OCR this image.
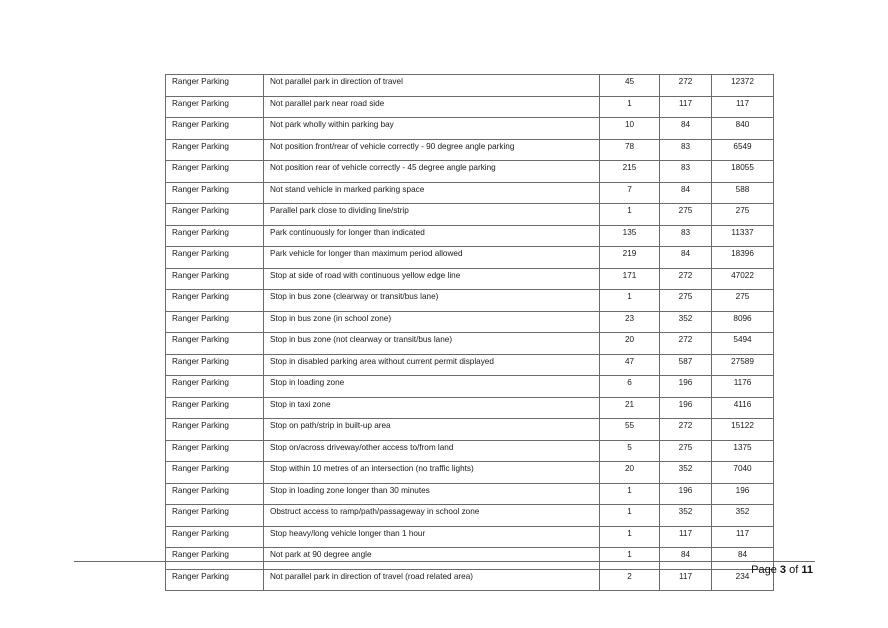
Ranger Parking	Not parallel park in direction of travel	45	272	12372
Ranger Parking	Not parallel park near road side	1	117	117
Ranger Parking	Not park wholly within parking bay	10	84	840
Ranger Parking	Not position front/rear of vehicle correctly - 90 degree angle parking	78	83	6549
Ranger Parking	Not position rear of vehicle correctly - 45 degree angle parking	215	83	18055
Ranger Parking	Not stand vehicle in marked parking space	7	84	588
Ranger Parking	Parallel park close to dividing line/strip	1	275	275
Ranger Parking	Park continuously for longer than indicated	135	83	11337
Ranger Parking	Park vehicle for longer than maximum period allowed	219	84	18396
Ranger Parking	Stop at side of road with continuous yellow edge line	171	272	47022
Ranger Parking	Stop in bus zone (clearway or transit/bus lane)	1	275	275
Ranger Parking	Stop in bus zone (in school zone)	23	352	8096
Ranger Parking	Stop in bus zone (not clearway or transit/bus lane)	20	272	5494
Ranger Parking	Stop in disabled parking area without current permit displayed	47	587	27589
Ranger Parking	Stop in loading zone	6	196	1176
Ranger Parking	Stop in taxi zone	21	196	4116
Ranger Parking	Stop on path/strip in built-up area	55	272	15122
Ranger Parking	Stop on/across driveway/other access to/from land	5	275	1375
Ranger Parking	Stop within 10 metres of an intersection (no traffic lights)	20	352	7040
Ranger Parking	Stop in loading zone longer than 30 minutes	1	196	196
Ranger Parking	Obstruct access to ramp/path/passageway in school zone	1	352	352
Ranger Parking	Stop heavy/long vehicle longer than 1 hour	1	117	117
Ranger Parking	Not park at 90 degree angle	1	84	84
Ranger Parking	Not parallel park in direction of travel (road related area)	2	117	234 Page 3 of 11
